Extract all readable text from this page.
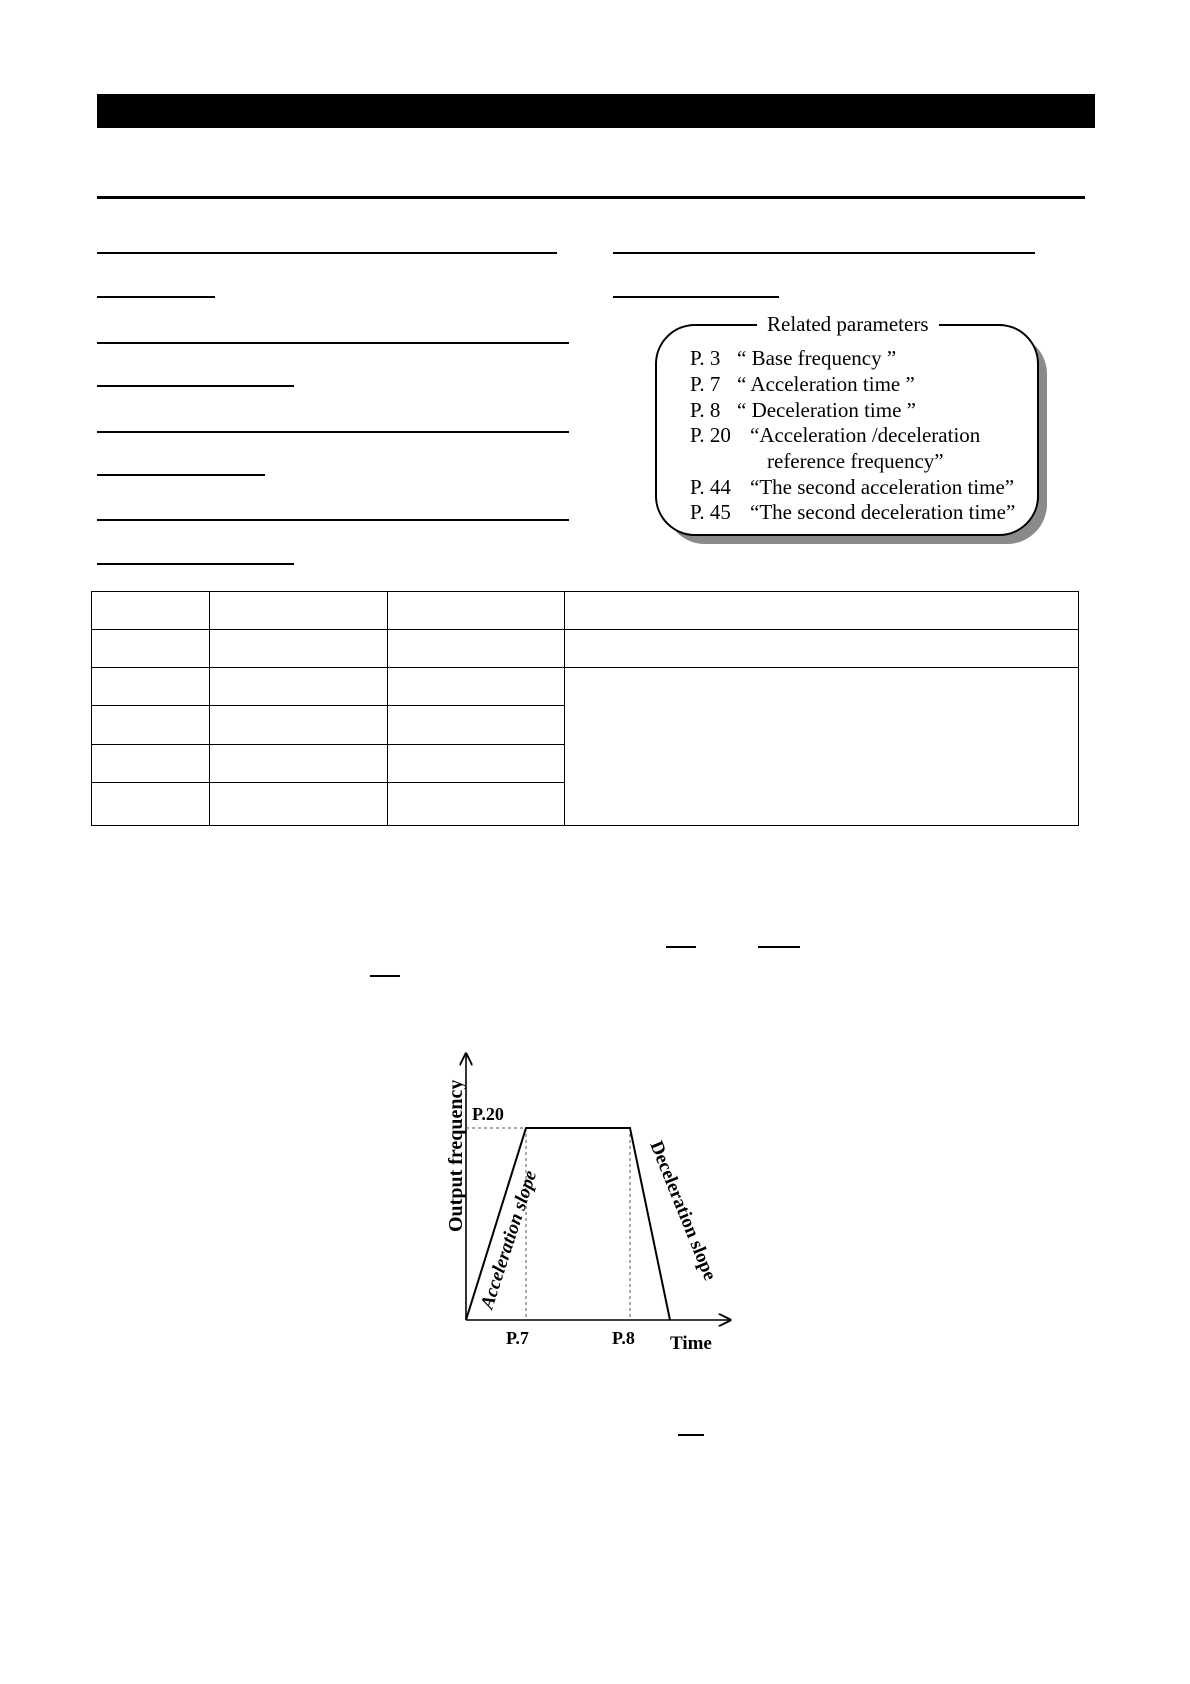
Related parameters
P. 3 “ Base frequency ”
P. 7 “ Acceleration time ”
P. 8 “ Deceleration time ”
P. 20 “Acceleration /deceleration
reference frequency”
P. 44 “The second acceleration time”
P. 45 “The second deceleration time”

P.7	P.8
P.20
Output frequency
Time
Acceleration slope	Deceleration slope
